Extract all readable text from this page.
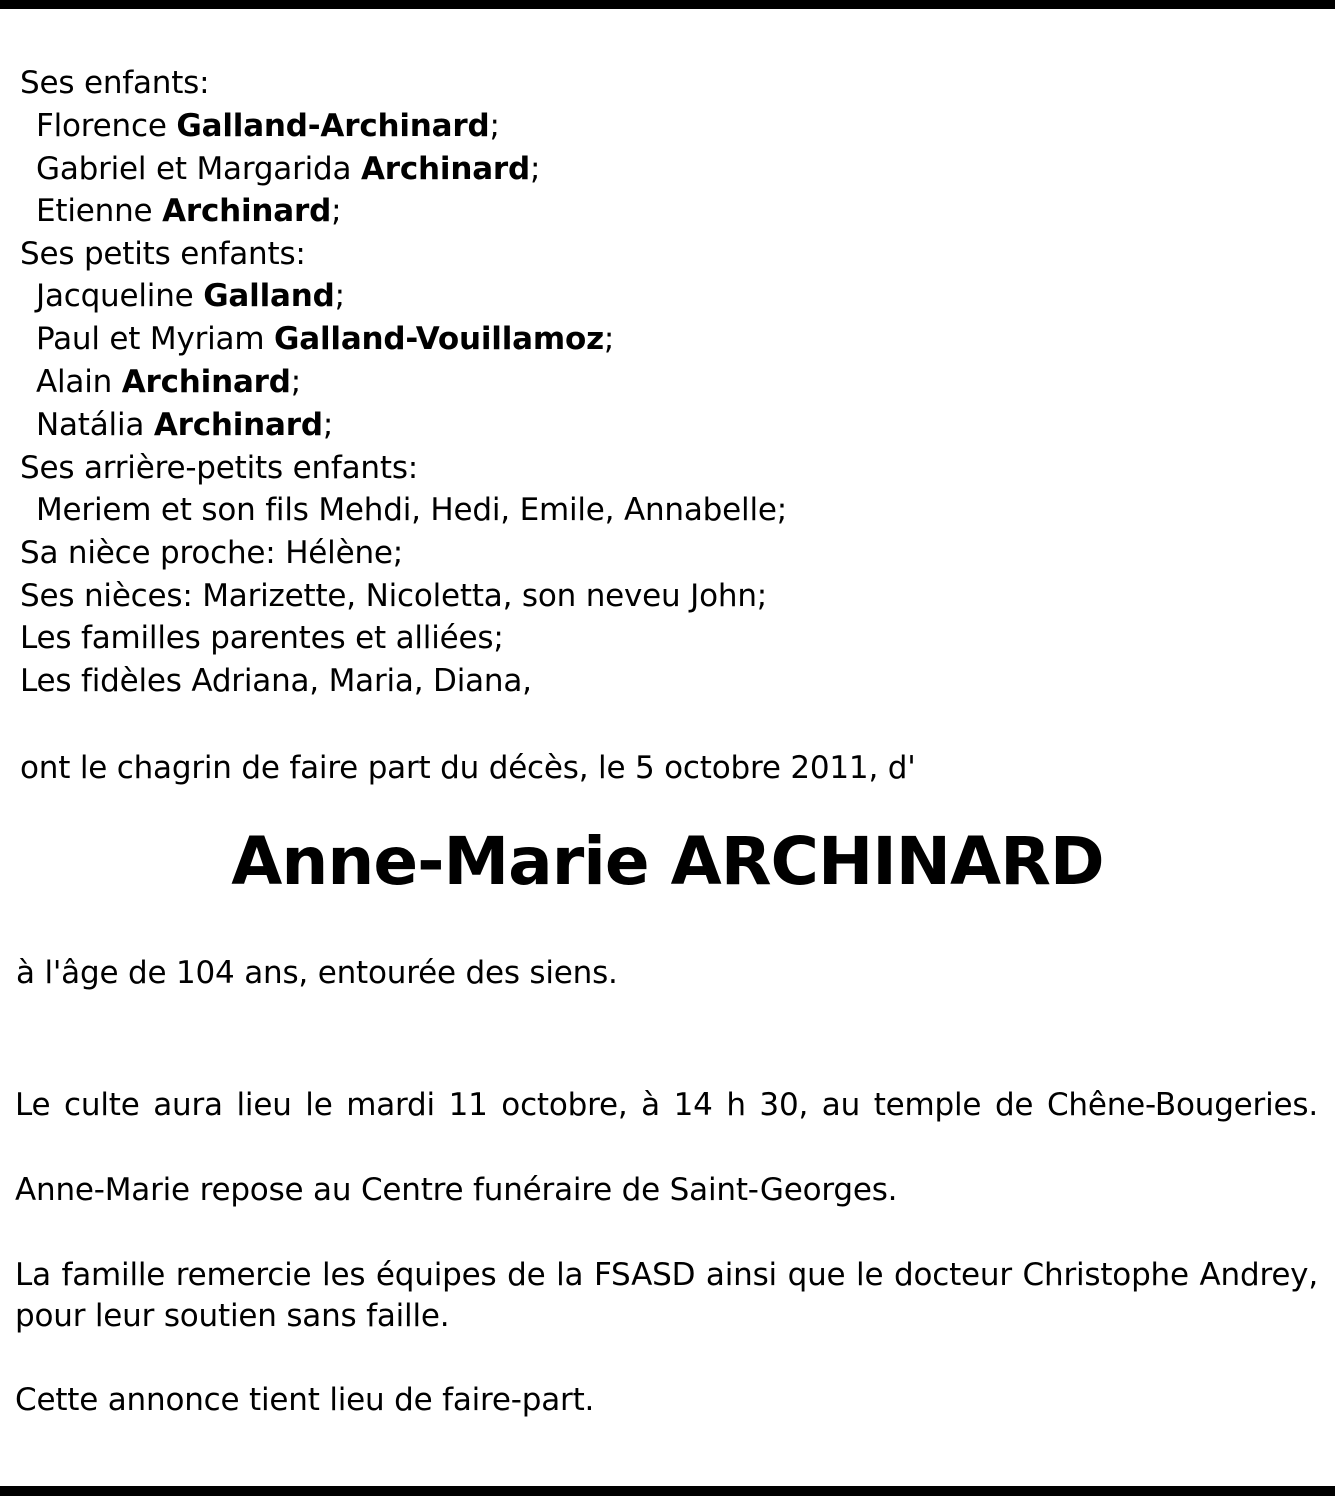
Ses enfants:
Florence Galland-Archinard;
Gabriel et Margarida Archinard;
Etienne Archinard;
Ses petits enfants:
Jacqueline Galland;
Paul et Myriam Galland-Vouillamoz;
Alain Archinard;
Natália Archinard;
Ses arrière-petits enfants:
Meriem et son fils Mehdi, Hedi, Emile, Annabelle;
Sa nièce proche: Hélène;
Ses nièces: Marizette, Nicoletta, son neveu John;
Les familles parentes et alliées;
Les fidèles Adriana, Maria, Diana,
ont le chagrin de faire part du décès, le 5 octobre 2011, d'
Anne-Marie ARCHINARD
à l'âge de 104 ans, entourée des siens.
Le culte aura lieu le mardi 11 octobre, à 14 h 30, au temple de Chêne-Bougeries.
Anne-Marie repose au Centre funéraire de Saint-Georges.
La famille remercie les équipes de la FSASD ainsi que le docteur Christophe Andrey,
pour leur soutien sans faille.
Cette annonce tient lieu de faire-part.
